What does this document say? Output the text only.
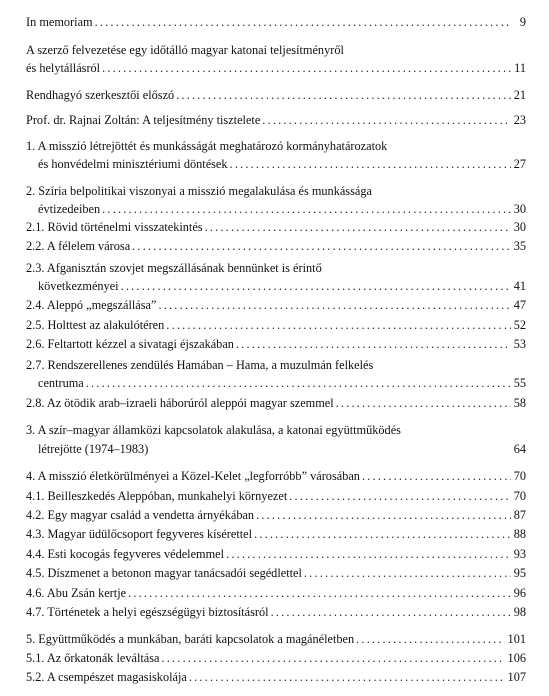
In memoriam .....	9
A szerző felvezetése egy időtálló magyar katonai teljesítményről
és helytállásról .....	11
Rendhagyó szerkesztői előszó .....	21
Prof. dr. Rajnai Zoltán: A teljesítmény tisztelete .....	23
1. A misszió létrejöttét és munkásságát meghatározó kormányhatározatok
és honvédelmi minisztériumi döntések .....	27
2. Szíria belpolitikai viszonyai a misszió megalakulása és munkássága
évtizedeiben .....	30
2.1. Rövid történelmi visszatekintés .....	30
2.2. A félelem városa .....	35
2.3. Afganisztán szovjet megszállásának bennünket is érintő
következményei .....	41
2.4. Aleppó „megszállása” .....	47
2.5. Holttest az alakulótéren .....	52
2.6. Feltartott kézzel a sivatagi éjszakában .....	53
2.7. Rendszerellenes zendülés Hamában – Hama, a muzulmán felkelés
centruma .....	55
2.8. Az ötödik arab–izraeli háborúról aleppói magyar szemmel .....	58
3. A szír–magyar államközi kapcsolatok alakulása, a katonai együttműködés
létrejötte (1974–1983)	64
4. A misszió életkörülményei a Közel-Kelet „legforróbb” városában .....	70
4.1. Beilleszkedés Aleppóban, munkahelyi környezet .....	70
4.2. Egy magyar család a vendetta árnyékában .....	87
4.3. Magyar üdülőcsoport fegyveres kísérettel .....	88
4.4. Esti kocogás fegyveres védelemmel .....	93
4.5. Díszmenet a betonon magyar tanácsadói segédlettel .....	95
4.6. Abu Zsán kertje .....	96
4.7. Történetek a helyi egészségügyi biztosításról .....	98
5. Együttműködés a munkában, baráti kapcsolatok a magánéletben .....	101
5.1. Az őrkatonák leváltása .....	106
5.2. A csempészet magasiskolája .....	107
